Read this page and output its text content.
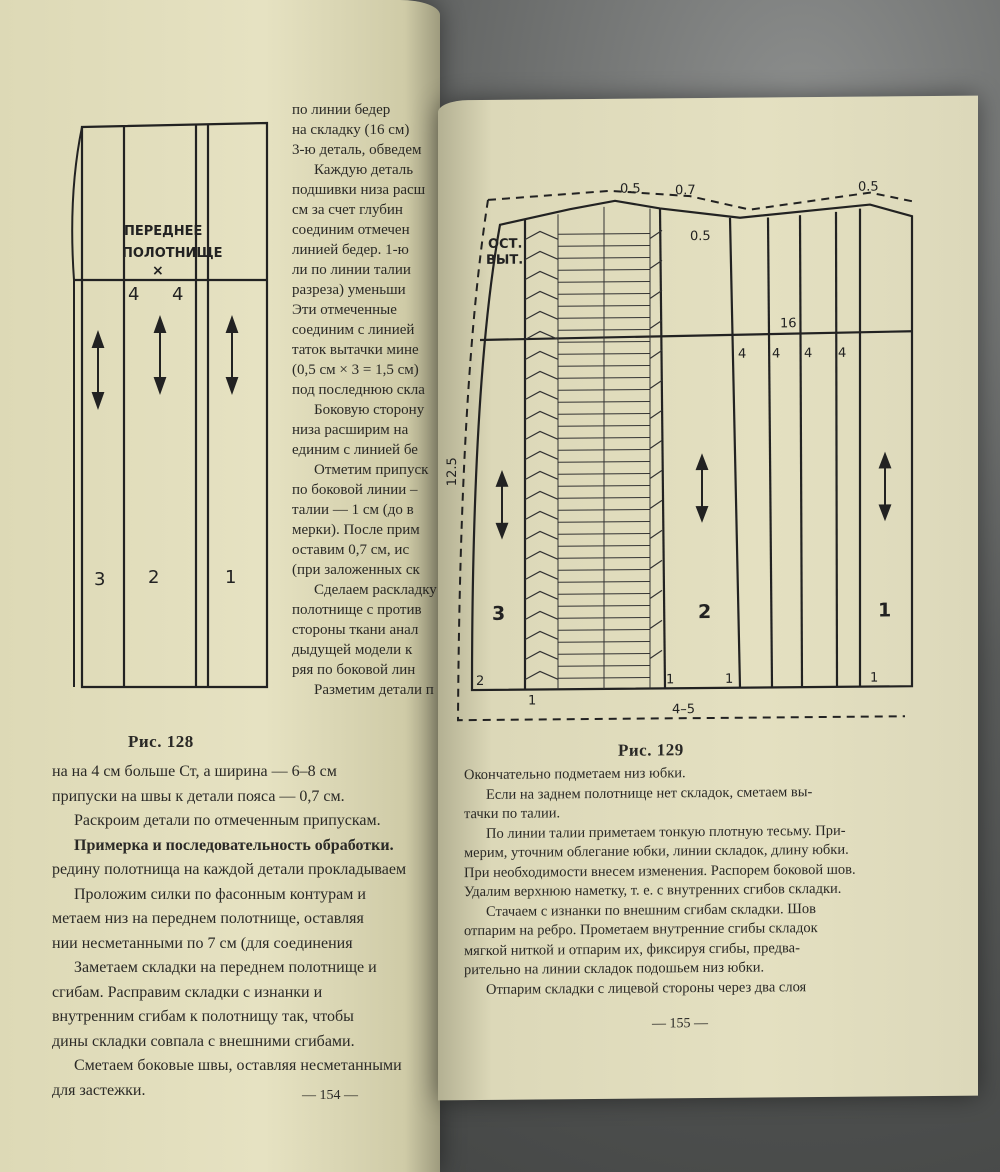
ПЕРЕДНЕЕ
ПОЛОТНИЩЕ
×
4 4
3 2	1
Рис. 128

по линии бедер

на складку (16 см)

3-ю деталь, обведем

Каждую деталь

подшивки низа расш

см за счет глубин

соединим отмечен

линией бедер. 1-ю

ли по линии талии

разреза) уменьши

Эти отмеченные

соединим с линией

таток вытачки мине

(0,5 см × 3 = 1,5 см)

под последнюю скла

Боковую сторону

низа расширим на

единим с линией бе

Отметим припуск

по боковой линии –

талии — 1 см (до в

мерки). После прим

оставим 0,7 см, ис

(при заложенных ск

Сделаем раскладку

полотнище с против

стороны ткани анал

дыдущей модели к

ряя по боковой лин

Разметим детали п

на на 4 см больше Ст, а ширина — 6–8 см

припуски на швы к детали пояса — 0,7 см.

Раскроим детали по отмеченным припускам.

Примерка и последовательность обработки.

редину полотнища на каждой детали прокладываем

Проложим силки по фасонным контурам и

метаем низ на переднем полотнище, оставляя

нии несметанными по 7 см (для соединения

Заметаем складки на переднем полотнище и

сгибам. Расправим складки с изнанки и

внутренним сгибам к полотнищу так, чтобы

дины складки совпала с внешними сгибами.

Сметаем боковые швы, оставляя несметанными

для застежки.	— 154 —
0.5	0.7	0.5
0.5
ОСТ.
ВЫТ.
16
4 4 4 4
12.5
2
1
1	1	1
4–5
3	2	1
Рис. 129

Окончательно подметаем низ юбки.

Если на заднем полотнище нет складок, сметаем вы-

тачки по талии.

По линии талии приметаем тонкую плотную тесьму. При-

мерим, уточним облегание юбки, линии складок, длину юбки.

При необходимости внесем изменения. Распорем боковой шов.

Удалим верхнюю наметку, т. е. с внутренних сгибов складки.

Стачаем с изнанки по внешним сгибам складки. Шов

отпарим на ребро. Прометаем внутренние сгибы складок

мягкой ниткой и отпарим их, фиксируя сгибы, предва-

рительно на линии складок подошьем низ юбки.

Отпарим складки с лицевой стороны через два слоя

— 155 —
